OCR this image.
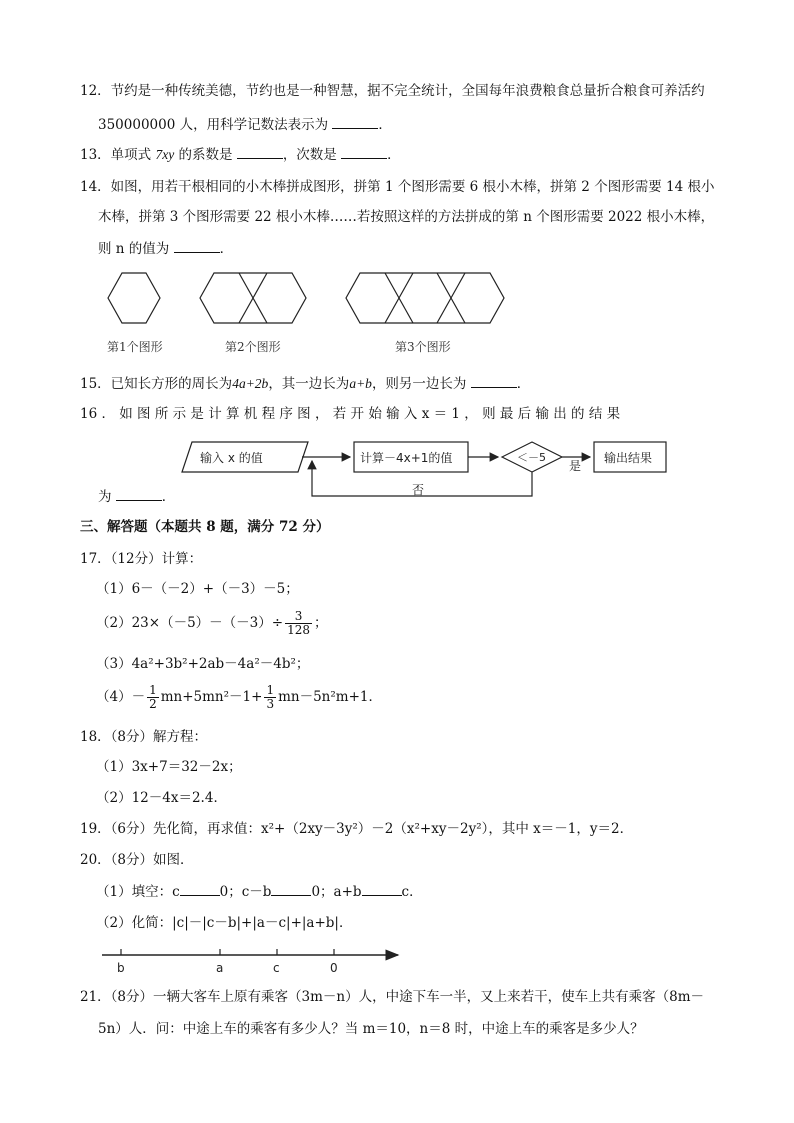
12．节约是一种传统美德，节约也是一种智慧，据不完全统计，全国每年浪费粮食总量折合粮食可养活约
350000000 人，用科学记数法表示为	．
13．单项式 7xy 的系数是	，次数是	．
14．如图，用若干根相同的小木棒拼成图形，拼第 1 个图形需要 6 根小木棒，拼第 2 个图形需要 14 根小
木棒，拼第 3 个图形需要 22 根小木棒……若按照这样的方法拼成的第 n 个图形需要 2022 根小木棒，
则 n 的值为	．
第1个图形	第2个图形	第3个图形
15．已知长方形的周长为4a+2b，其一边长为a+b，则另一边长为	．
16 ． 如 图 所 示 是 计 算 机 程 序 图 ， 若 开 始 输 入 x ＝ 1 ， 则 最 后 输 出 的 结 果
输入 x 的值	计算－4x+1的值	＜－5
是
输出结果
否
为	．
三、解答题（本题共 8 题，满分 72 分）
17．（12分）计算：
（1）6－（－2）+（－3）－5；
$(2)23\times(-5)-(-3)\div \frac{3}{128}$ ；
（3）4a²+3b²+2ab－4a²－4b²；
$(4)- \frac{1}{2} mn+5mn^2-1+ \frac{1}{3} mn-5n^2m+1$．
18．（8分）解方程：
（1）3x+7＝32－2x；
（2）12－4x＝2.4．
19．（6分）先化简，再求值：x²+（2xy－3y²）－2（x²+xy－2y²），其中 x＝－1，y＝2．
20．（8分）如图．
（1）填空：c	0；c－b	0；a+b	c．
（2）化简：|c|－|c－b|+|a－c|+|a+b|．
b	a	c	0
21．（8分）一辆大客车上原有乘客（3m－n）人，中途下车一半，又上来若干，使车上共有乘客（8m－
5n）人．问：中途上车的乘客有多少人？当 m＝10，n＝8 时，中途上车的乘客是多少人？
